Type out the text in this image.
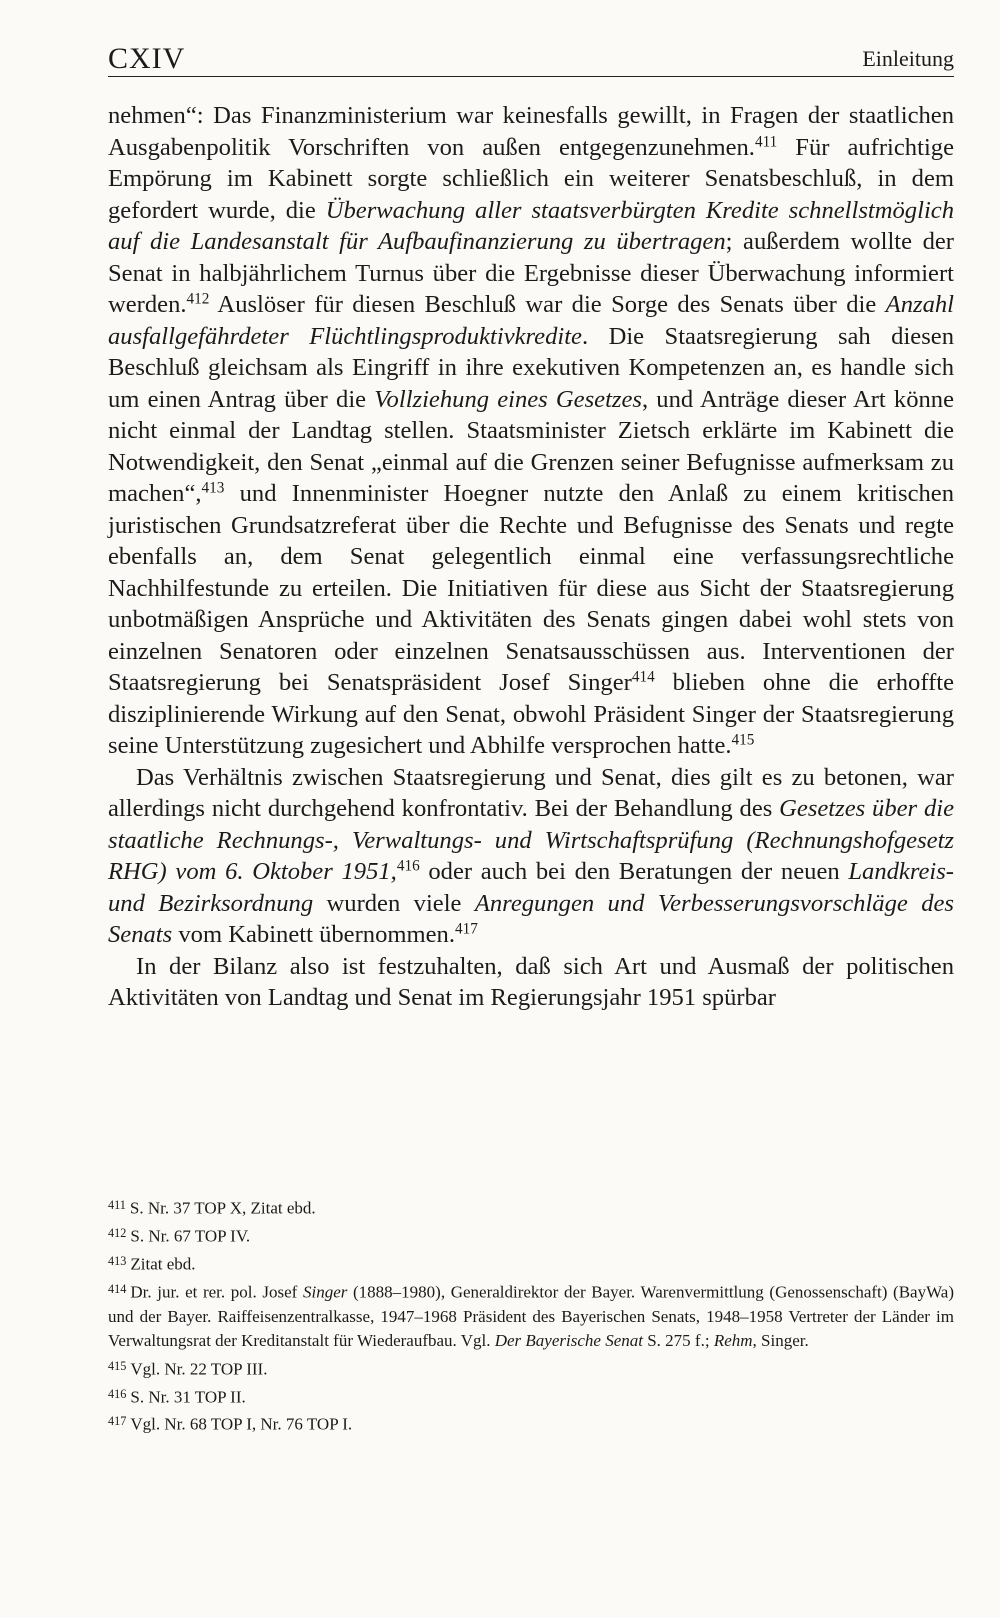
CXIV	Einleitung

nehmen“: Das Finanzministerium war keinesfalls gewillt, in Fragen der staatlichen Ausgabenpolitik Vorschriften von außen entgegenzunehmen.$^{411}$ Für aufrichtige Empörung im Kabinett sorgte schließlich ein weiterer Senatsbeschluß, in dem gefordert wurde, die Überwachung aller staatsverbürgten Kredite schnellstmöglich auf die Landesanstalt für Aufbaufinanzierung zu übertragen; außerdem wollte der Senat in halbjährlichem Turnus über die Ergebnisse dieser Überwachung informiert werden.$^{412}$ Auslöser für diesen Beschluß war die Sorge des Senats über die Anzahl ausfallgefährdeter Flüchtlingsproduktivkredite. Die Staatsregierung sah diesen Beschluß gleichsam als Eingriff in ihre exekutiven Kompetenzen an, es handle sich um einen Antrag über die Vollziehung eines Gesetzes, und Anträge dieser Art könne nicht einmal der Landtag stellen. Staatsminister Zietsch erklärte im Kabinett die Notwendigkeit, den Senat „einmal auf die Grenzen seiner Befugnisse aufmerksam zu machen“,$^{413}$ und Innenminister Hoegner nutzte den Anlaß zu einem kritischen juristischen Grundsatzreferat über die Rechte und Befugnisse des Senats und regte ebenfalls an, dem Senat gelegentlich einmal eine verfassungsrechtliche Nachhilfestunde zu erteilen. Die Initiativen für diese aus Sicht der Staatsregierung unbotmäßigen Ansprüche und Aktivitäten des Senats gingen dabei wohl stets von einzelnen Senatoren oder einzelnen Senatsausschüssen aus. Interventionen der Staatsregierung bei Senatspräsident Josef Singer$^{414}$ blieben ohne die erhoffte disziplinierende Wirkung auf den Senat, obwohl Präsident Singer der Staatsregierung seine Unterstützung zugesichert und Abhilfe versprochen hatte.$^{415}$

Das Verhältnis zwischen Staatsregierung und Senat, dies gilt es zu betonen, war allerdings nicht durchgehend konfrontativ. Bei der Behandlung des Gesetzes über die staatliche Rechnungs-, Verwaltungs- und Wirtschaftsprüfung (Rechnungshofgesetz RHG) vom 6. Oktober 1951,$^{416}$ oder auch bei den Beratungen der neuen Landkreis- und Bezirksordnung wurden viele Anregungen und Verbesserungsvorschläge des Senats vom Kabinett übernommen.$^{417}$

In der Bilanz also ist festzuhalten, daß sich Art und Ausmaß der politischen Aktivitäten von Landtag und Senat im Regierungsjahr 1951 spürbar

$^{411}$ S. Nr. 37 TOP X, Zitat ebd.
$^{412}$ S. Nr. 67 TOP IV.
$^{413}$ Zitat ebd.
$^{414}$ Dr. jur. et rer. pol. Josef Singer (1888–1980), Generaldirektor der Bayer. Warenvermittlung (Genossenschaft) (BayWa) und der Bayer. Raiffeisenzentralkasse, 1947–1968 Präsident des Bayerischen Senats, 1948–1958 Vertreter der Länder im Verwaltungsrat der Kreditanstalt für Wiederaufbau. Vgl. Der Bayerische Senat S. 275 f.; Rehm, Singer.
$^{415}$ Vgl. Nr. 22 TOP III.
$^{416}$ S. Nr. 31 TOP II.
$^{417}$ Vgl. Nr. 68 TOP I, Nr. 76 TOP I.
